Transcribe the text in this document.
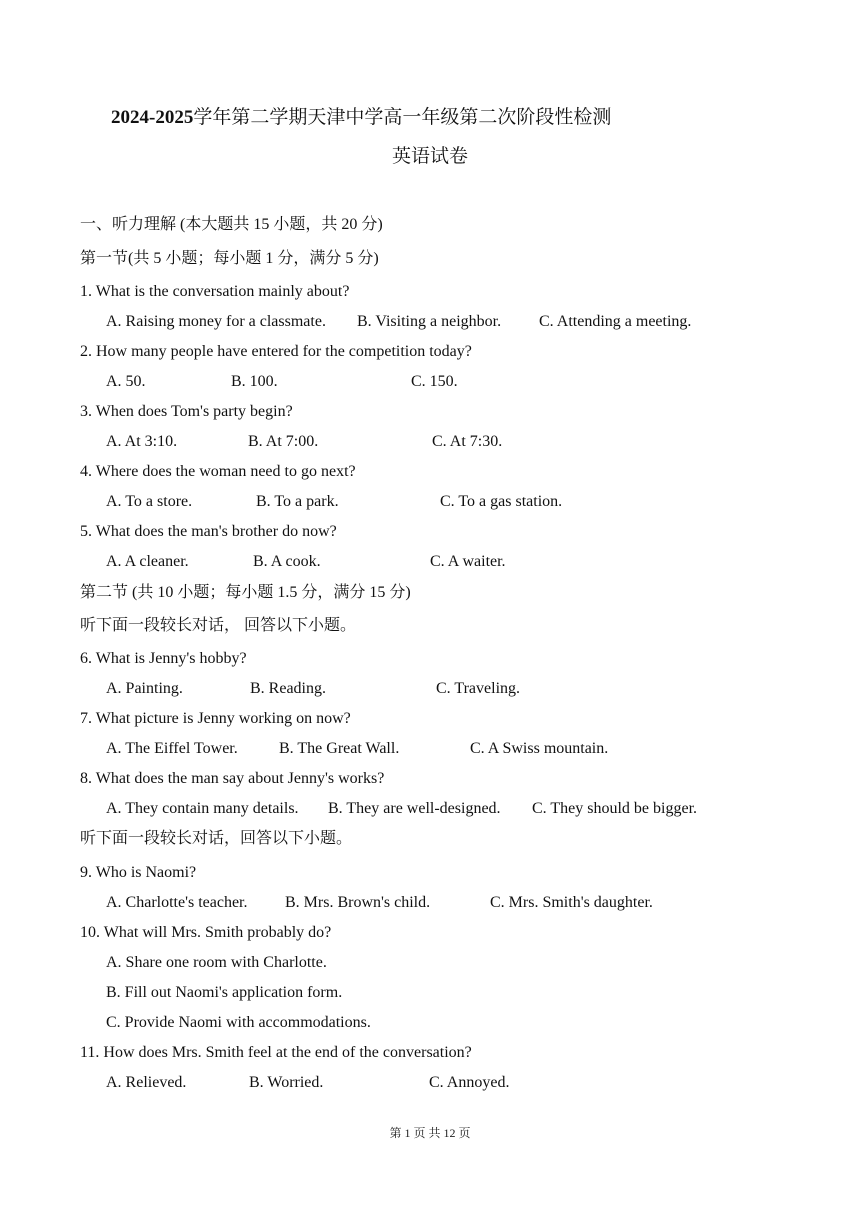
2024-2025学年第二学期天津中学高一年级第二次阶段性检测
英语试卷
一、听力理解 (本大题共 15 小题，共 20 分)
第一节(共 5 小题；每小题 1 分，满分 5 分)
1. What is the conversation mainly about?
A. Raising money for a classmate. B. Visiting a neighbor. C. Attending a meeting.
2. How many people have entered for the competition today?
A. 50.	B. 100.	C. 150.
3. When does Tom's party begin?
A. At 3:10.	B. At 7:00.	C. At 7:30.
4. Where does the woman need to go next?
A. To a store.	B. To a park.	C. To a gas station.
5. What does the man's brother do now?
A. A cleaner.	B. A cook.	C. A waiter.
第二节 (共 10 小题；每小题 1.5 分，满分 15 分)
听下面一段较长对话， 回答以下小题。
6. What is Jenny's hobby?
A. Painting.	B. Reading.	C. Traveling.
7. What picture is Jenny working on now?
A. The Eiffel Tower.	B. The Great Wall.	C. A Swiss mountain.
8. What does the man say about Jenny's works?
A. They contain many details. B. They are well-designed. C. They should be bigger.
听下面一段较长对话，回答以下小题。
9. Who is Naomi?
A. Charlotte's teacher. B. Mrs. Brown's child.	C. Mrs. Smith's daughter.
10. What will Mrs. Smith probably do?
A. Share one room with Charlotte.
B. Fill out Naomi's application form.
C. Provide Naomi with accommodations.
11. How does Mrs. Smith feel at the end of the conversation?
A. Relieved.	B. Worried.	C. Annoyed.
第 1 页 共 12 页
